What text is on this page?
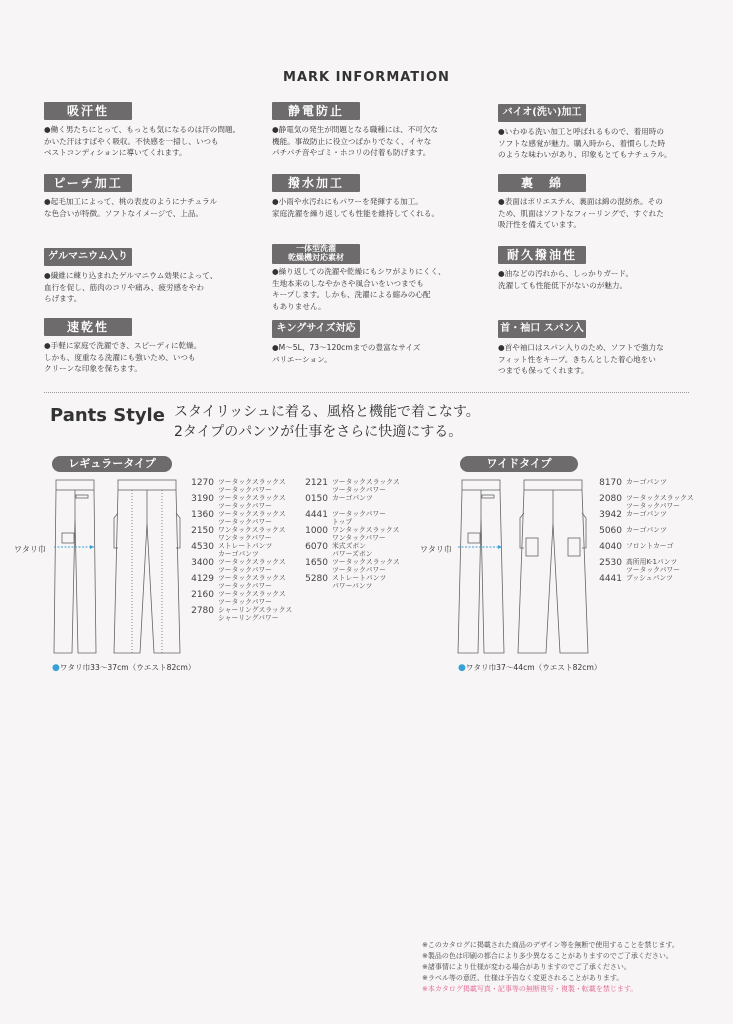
MARK INFORMATION
吸汗性
●働く男たちにとって、もっとも気になるのは汗の問題。
かいた汗はすばやく吸収。不快感を一掃し、いつも
ベストコンディションに導いてくれます。
静電防止
●静電気の発生が問題となる職種には、不可欠な
機能。事故防止に役立つばかりでなく、イヤな
パチパチ音やゴミ・ホコリの付着も防げます。
バイオ(洗い)加工
●いわゆる洗い加工と呼ばれるもので、着用時の
ソフトな感覚が魅力。購入時から、着慣らした時
のような味わいがあり、印象もとてもナチュラル。
ピーチ加工
●起毛加工によって、桃の表皮のようにナチュラル
な色合いが特徴。ソフトなイメージで、上品。
撥水加工
●小雨や水汚れにもパワーを発揮する加工。
家庭洗濯を繰り返しても性能を維持してくれる。
裏　綿
●表面はポリエステル、裏面は綿の混紡糸。その
ため、肌面はソフトなフィーリングで、すぐれた
吸汗性を備えています。
ゲルマニウム入り
●繊維に練り込まれたゲルマニウム効果によって、
血行を促し、筋肉のコリや痛み、疲労感をやわ
らげます。
一体型洗濯
乾燥機対応素材
●繰り返しての洗濯や乾燥にもシワがよりにくく、
生地本来のしなやかさや風合いをいつまでも
キープします。しかも、洗濯による縮みの心配
もありません。
耐久撥油性
●油などの汚れから、しっかりガード。
洗濯しても性能低下がないのが魅力。
速乾性
●手軽に家庭で洗濯でき、スピーディに乾燥。
しかも、度重なる洗濯にも強いため、いつも
クリーンな印象を保ちます。
キングサイズ対応
●M～5L、73～120cmまでの豊富なサイズ
バリエーション。
首・袖口 スパン入
●首や袖口はスパン入りのため、ソフトで強力な
フィット性をキープ。きちんとした着心地をい
つまでも保ってくれます。
Pants Style スタイリッシュに着る、風格と機能で着こなす。
2タイプのパンツが仕事をさらに快適にする。
レギュラータイプ
ワタリ巾
●ワタリ巾33～37cm（ウエスト82cm）
1270 ツータックスラックス
ツータックパワー
3190 ツータックスラックス
ツータックパワー
1360 ツータックスラックス
ツータックパワー
2150 ワンタックスラックス
ワンタックパワー
4530 ストレートパンツ
カーゴパンツ
3400 ツータックスラックス
ツータックパワー
4129 ツータックスラックス
ツータックパワー
2160 ツータックスラックス
ツータックパワー
2780 シャーリングスラックス
シャーリングパワー
2121 ツータックスラックス
ツータックパワー
0150 カーゴパンツ
4441 ツータックパワー
トップ
1000 ワンタックスラックス
ワンタックパワー
6070 米式ズボン
パワーズボン
1650 ツータックスラックス
ツータックパワー
5280 ストレートパンツ
パワーパンツ
ワイドタイプ
ワタリ巾
●ワタリ巾37～44cm（ウエスト82cm）
8170 カーゴパンツ
2080 ツータックスラックス
ツータックパワー
3942 カーゴパンツ
5060 カーゴパンツ
4040 フロントカーゴ
2530 高所用K-1パンツ
ツータックパワー
4441 ブッシュパンツ
※このカタログに掲載された商品のデザイン等を無断で使用することを禁じます。
※製品の色は印刷の都合により多少異なることがありますのでご了承ください。
※諸事情により仕様が変わる場合がありますのでご了承ください。
※ラベル等の意匠、仕様は予告なく変更されることがあります。
※本カタログ掲載写真・記事等の無断複写・複製・転載を禁じます。
